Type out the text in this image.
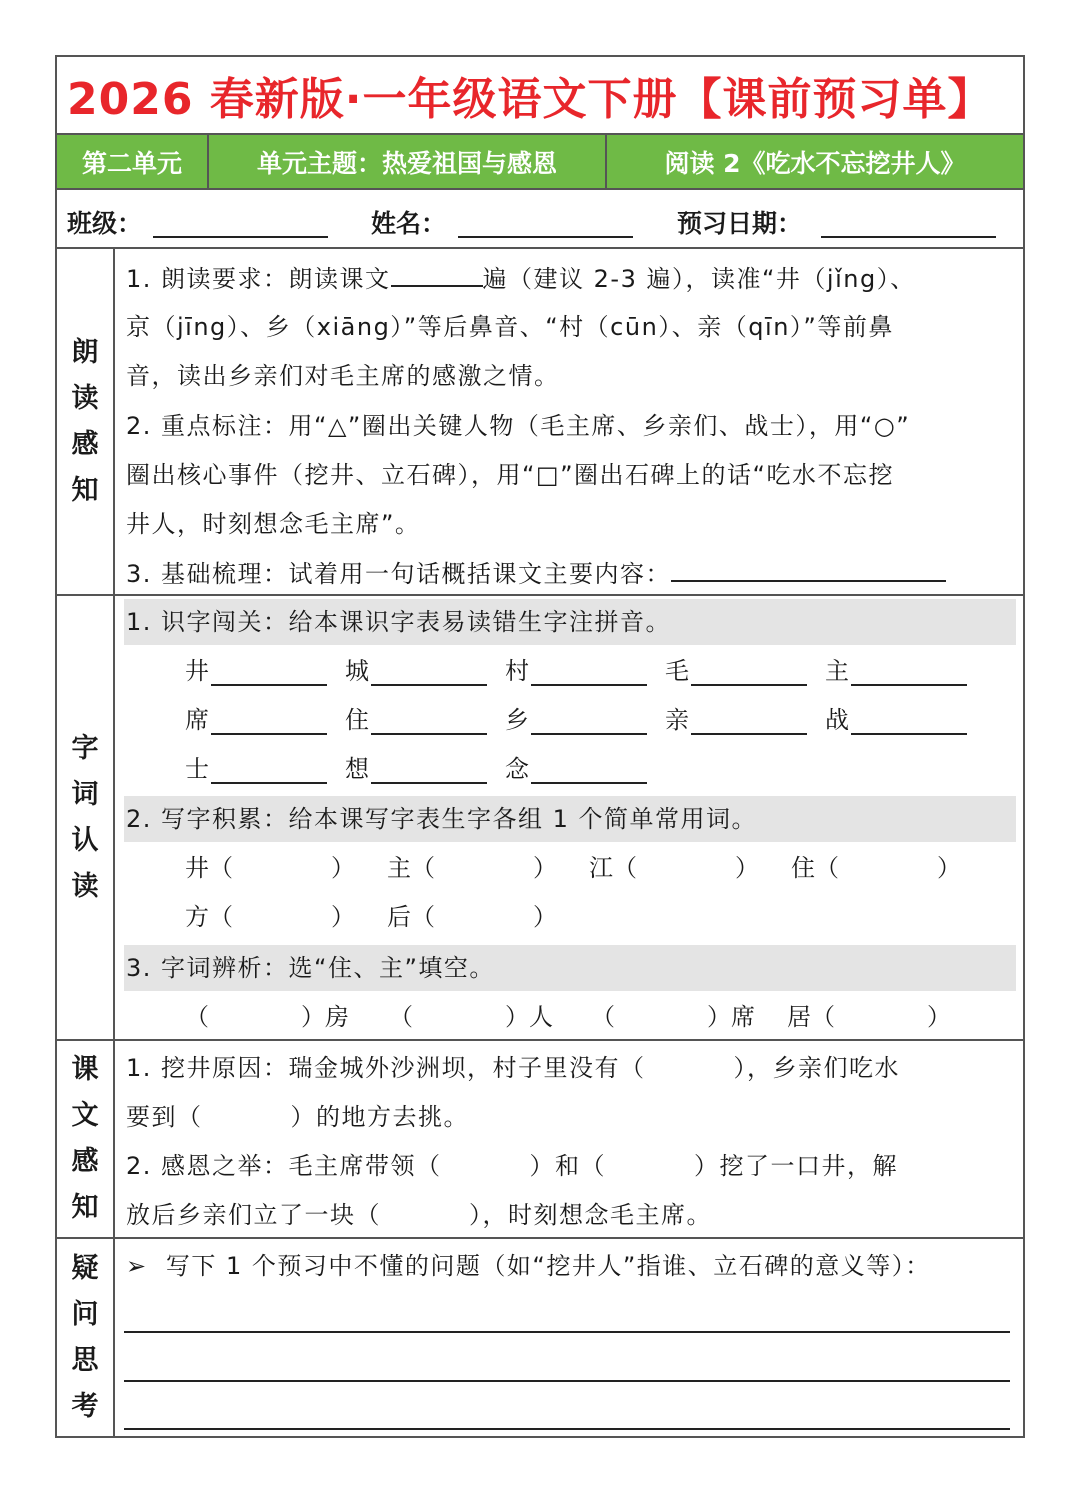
2026 春新版·一年级语文下册【课前预习单】
第二单元	单元主题：热爱祖国与感恩	阅读 2《吃水不忘挖井人》
班级：	姓名：	预习日期：
朗
读
感
知
1. 朗读要求：朗读课文	遍（建议 2-3 遍），读准“井（jǐng）、
京（jīng）、乡（xiāng）”等后鼻音、“村（cūn）、亲（qīn）”等前鼻
音，读出乡亲们对毛主席的感激之情。
2. 重点标注：用“△”圈出关键人物（毛主席、乡亲们、战士），用“○”
圈出核心事件（挖井、立石碑），用“□”圈出石碑上的话“吃水不忘挖
井人，时刻想念毛主席”。
3. 基础梳理：试着用一句话概括课文主要内容：
字
词
认
读
1. 识字闯关：给本课识字表易读错生字注拼音。
井	城	村	毛	主
席	住	乡	亲	战
士	想	念
2. 写字积累：给本课写字表生字各组 1 个简单常用词。
井（	） 主（	） 江（	） 住（	）
方（	） 后（	）
3. 字词辨析：选“住、主”填空。
（	）房 （	）人 （	）席 居（	）
课
文
感
知
1. 挖井原因：瑞金城外沙洲坝，村子里没有（	），乡亲们吃水
要到（	）的地方去挑。
2. 感恩之举：毛主席带领（	）和（	）挖了一口井，解
放后乡亲们立了一块（	），时刻想念毛主席。
疑
问
思
考
➢ 写下 1 个预习中不懂的问题（如“挖井人”指谁、立石碑的意义等）：
